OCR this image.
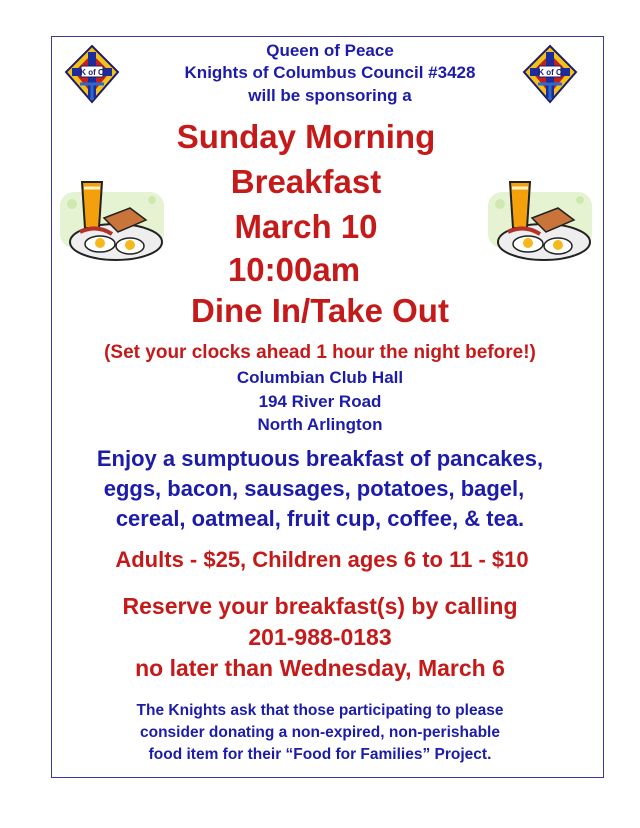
K of C	K of C
Queen of Peace
Knights of Columbus Council #3428
will be sponsoring a
Sunday Morning
Breakfast
March 10
10:00am
Dine In/Take Out
(Set your clocks ahead 1 hour the night before!)
Columbian Club Hall
194 River Road
North Arlington
Enjoy a sumptuous breakfast of pancakes,
eggs, bacon, sausages, potatoes, bagel,
cereal, oatmeal, fruit cup, coffee, & tea.
Adults - $25, Children ages 6 to 11 - $10
Reserve your breakfast(s) by calling
201-988-0183
no later than Wednesday, March 6
The Knights ask that those participating to please
consider donating a non-expired, non-perishable
food item for their “Food for Families” Project.
